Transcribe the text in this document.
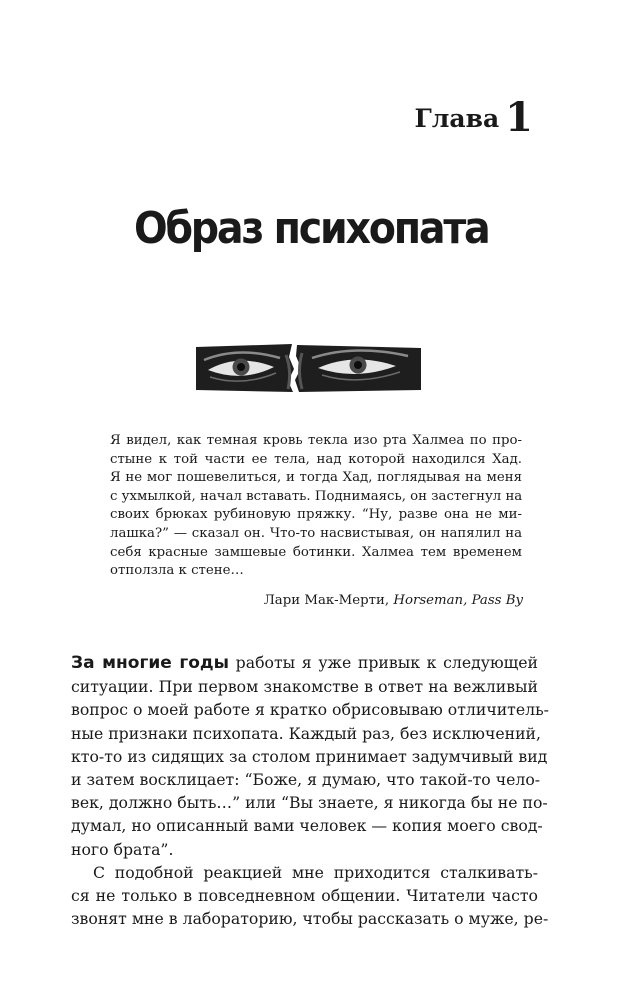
Глава 1
Образ психопата
Я видел, как темная кровь текла изо рта Халмеа по про-
стыне к той части ее тела, над которой находился Хад.
Я не мог пошевелиться, и тогда Хад, поглядывая на меня
с ухмылкой, начал вставать. Поднимаясь, он застегнул на
своих брюках рубиновую пряжку. “Ну, разве она не ми-
лашка?” — сказал он. Что-то насвистывая, он напялил на
себя красные замшевые ботинки. Халмеа тем временем
отползла к стене…
Лари Мак-Мерти, Horseman, Pass By
За многие годы работы я уже привык к следующей
ситуации. При первом знакомстве в ответ на вежливый
вопрос о моей работе я кратко обрисовываю отличитель-
ные признаки психопата. Каждый раз, без исключений,
кто-то из сидящих за столом принимает задумчивый вид
и затем восклицает: “Боже, я думаю, что такой-то чело-
век, должно быть…” или “Вы знаете, я никогда бы не по-
думал, но описанный вами человек — копия моего свод-
ного брата”.
С подобной реакцией мне приходится сталкивать-
ся не только в повседневном общении. Читатели часто
звонят мне в лабораторию, чтобы рассказать о муже, ре-
